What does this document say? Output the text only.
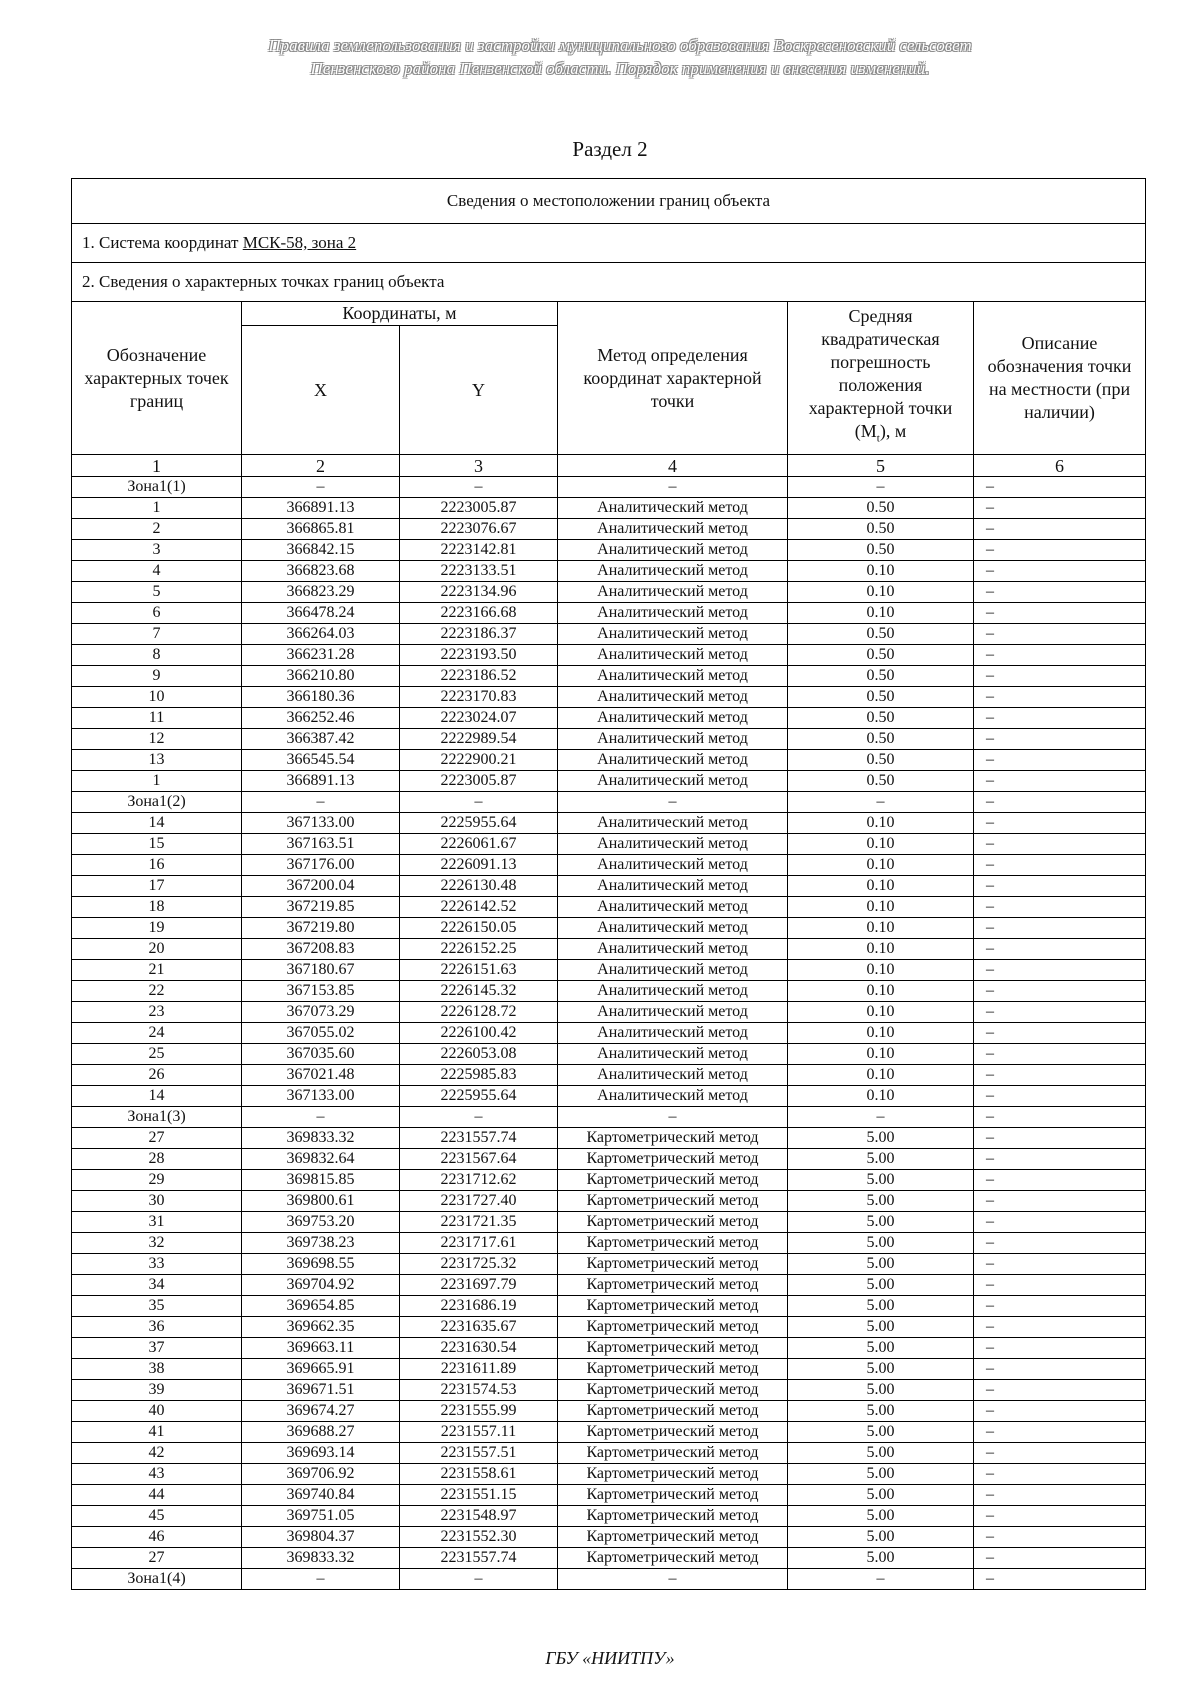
Правила землепользования и застройки муниципального образования Воскресеновский сельсовет
Пензенского района Пензенской области. Порядок применения и внесения изменений.
Раздел 2
Сведения о местоположении границ объекта					
1. Система координат МСК-58, зона 2					
2. Сведения о характерных точках границ объекта					
Обозначение характерных точек границ	Координаты, м		Метод определения координат характерной точки	Средняя квадратическая погрешность положения характерной точки $(M_t)$, м	Описание обозначения точки на местности (при наличии)
	X	Y			
1	2	3	4	5	6
Зона1(1)	–	–	–	–	–
1	366891.13	2223005.87	Аналитический метод	0.50	–
2	366865.81	2223076.67	Аналитический метод	0.50	–
3	366842.15	2223142.81	Аналитический метод	0.50	–
4	366823.68	2223133.51	Аналитический метод	0.10	–
5	366823.29	2223134.96	Аналитический метод	0.10	–
6	366478.24	2223166.68	Аналитический метод	0.10	–
7	366264.03	2223186.37	Аналитический метод	0.50	–
8	366231.28	2223193.50	Аналитический метод	0.50	–
9	366210.80	2223186.52	Аналитический метод	0.50	–
10	366180.36	2223170.83	Аналитический метод	0.50	–
11	366252.46	2223024.07	Аналитический метод	0.50	–
12	366387.42	2222989.54	Аналитический метод	0.50	–
13	366545.54	2222900.21	Аналитический метод	0.50	–
1	366891.13	2223005.87	Аналитический метод	0.50	–
Зона1(2)	–	–	–	–	–
14	367133.00	2225955.64	Аналитический метод	0.10	–
15	367163.51	2226061.67	Аналитический метод	0.10	–
16	367176.00	2226091.13	Аналитический метод	0.10	–
17	367200.04	2226130.48	Аналитический метод	0.10	–
18	367219.85	2226142.52	Аналитический метод	0.10	–
19	367219.80	2226150.05	Аналитический метод	0.10	–
20	367208.83	2226152.25	Аналитический метод	0.10	–
21	367180.67	2226151.63	Аналитический метод	0.10	–
22	367153.85	2226145.32	Аналитический метод	0.10	–
23	367073.29	2226128.72	Аналитический метод	0.10	–
24	367055.02	2226100.42	Аналитический метод	0.10	–
25	367035.60	2226053.08	Аналитический метод	0.10	–
26	367021.48	2225985.83	Аналитический метод	0.10	–
14	367133.00	2225955.64	Аналитический метод	0.10	–
Зона1(3)	–	–	–	–	–
27	369833.32	2231557.74	Картометрический метод	5.00	–
28	369832.64	2231567.64	Картометрический метод	5.00	–
29	369815.85	2231712.62	Картометрический метод	5.00	–
30	369800.61	2231727.40	Картометрический метод	5.00	–
31	369753.20	2231721.35	Картометрический метод	5.00	–
32	369738.23	2231717.61	Картометрический метод	5.00	–
33	369698.55	2231725.32	Картометрический метод	5.00	–
34	369704.92	2231697.79	Картометрический метод	5.00	–
35	369654.85	2231686.19	Картометрический метод	5.00	–
36	369662.35	2231635.67	Картометрический метод	5.00	–
37	369663.11	2231630.54	Картометрический метод	5.00	–
38	369665.91	2231611.89	Картометрический метод	5.00	–
39	369671.51	2231574.53	Картометрический метод	5.00	–
40	369674.27	2231555.99	Картометрический метод	5.00	–
41	369688.27	2231557.11	Картометрический метод	5.00	–
42	369693.14	2231557.51	Картометрический метод	5.00	–
43	369706.92	2231558.61	Картометрический метод	5.00	–
44	369740.84	2231551.15	Картометрический метод	5.00	–
45	369751.05	2231548.97	Картометрический метод	5.00	–
46	369804.37	2231552.30	Картометрический метод	5.00	–
27	369833.32	2231557.74	Картометрический метод	5.00	–
Зона1(4)	–	–	–	–	–
ГБУ «НИИТПУ»
